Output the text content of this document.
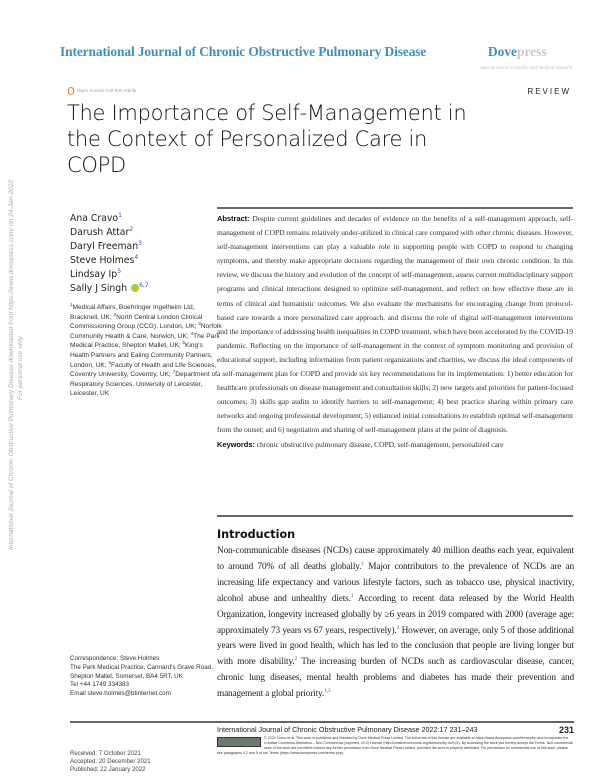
International Journal of Chronic Obstructive Pulmonary Disease	Dovepress
open access to scientific and medical research
Open Access Full Text Article	REVIEW
The Importance of Self-Management in the Context of Personalized Care in COPD
International Journal of Chronic Obstructive Pulmonary Disease downloaded from https://www.dovepress.com/ on 24-Jan-2022 For personal use only.
Ana Cravo$^1$
Darush Attar$^2$
Daryl Freeman$^3$
Steve Holmes$^4$
Lindsay Ip$^5$
Sally J Singh $^{6,7}$
$^1$Medical Affairs, Boehringer Ingelheim Ltd, Bracknell, UK; $^2$North Central London Clinical Commissioning Group (CCG), London, UK; $^3$Norfolk Community Health & Care, Norwich, UK; $^4$The Park Medical Practice, Shepton Mallet, UK; $^5$King's Health Partners and Ealing Community Partners, London, UK; $^6$Faculty of Health and Life Sciences, Coventry University, Coventry, UK; $^7$Department of Respiratory Sciences, University of Leicester, Leicester, UK
Abstract: Despite current guidelines and decades of evidence on the benefits of a self-management approach, self-management of COPD remains relatively under-utilized in clinical care compared with other chronic diseases. However, self-management interventions can play a valuable role in supporting people with COPD to respond to changing symptoms, and thereby make appropriate decisions regarding the management of their own chronic condition. In this review, we discuss the history and evolution of the concept of self-management, assess current multidisciplinary support programs and clinical interactions designed to optimize self-management, and reflect on how effective these are in terms of clinical and humanistic outcomes. We also evaluate the mechanisms for encouraging change from protocol-based care towards a more personalized care approach, and discuss the role of digital self-management interventions and the importance of addressing health inequalities in COPD treatment, which have been accelerated by the COVID-19 pandemic. Reflecting on the importance of self-management in the context of symptom monitoring and provision of educational support, including information from patient organizations and charities, we discuss the ideal components of a self-management plan for COPD and provide six key recommendations for its implementation: 1) better education for healthcare professionals on disease management and consultation skills; 2) new targets and priorities for patient-focused outcomes; 3) skills gap audits to identify barriers to self-management; 4) best practice sharing within primary care networks and ongoing professional development; 5) enhanced initial consultations to establish optimal self-management from the outset; and 6) negotiation and sharing of self-management plans at the point of diagnosis.
Keywords: chronic obstructive pulmonary disease, COPD, self-management, personalized care
Introduction
Non-communicable diseases (NCDs) cause approximately 40 million deaths each year, equivalent to around 70% of all deaths globally.$^1$ Major contributors to the prevalence of NCDs are an increasing life expectancy and various lifestyle factors, such as tobacco use, physical inactivity, alcohol abuse and unhealthy diets.$^1$ According to recent data released by the World Health Organization, longevity increased globally by ≥6 years in 2019 compared with 2000 (average age: approximately 73 years vs 67 years, respectively).$^2$ However, on average, only 5 of those additional years were lived in good health, which has led to the conclusion that people are living longer but with more disability.$^2$ The increasing burden of NCDs such as cardiovascular disease, cancer, chronic lung diseases, mental health problems and diabetes has made their prevention and management a global priority.$^{1,3}$
Correspondence: Steve Holmes
The Park Medical Practice, Cannard's Grave Road, Shepton Mallet, Somerset, BA4 5RT, UK
Tel +44 1749 334383
Email steve.holmes@btinternet.com
Received: 7 October 2021
Accepted: 20 December 2021
Published: 22 January 2022
International Journal of Chronic Obstructive Pulmonary Disease 2022:17 231–243	231
© 2022 Cravo et al. This work is published and licensed by Dove Medical Press Limited. The full terms of this license are available at https://www.dovepress.com/terms.php and incorporate the Creative Commons Attribution – Non Commercial (unported, v3.0) License (http://creativecommons.org/licenses/by-nc/3.0/). By accessing the work you hereby accept the Terms. Non-commercial uses of the work are permitted without any further permission from Dove Medical Press Limited, provided the work is properly attributed. For permission for commercial use of this work, please see paragraphs 4.2 and 5 of our Terms (https://www.dovepress.com/terms.php).
